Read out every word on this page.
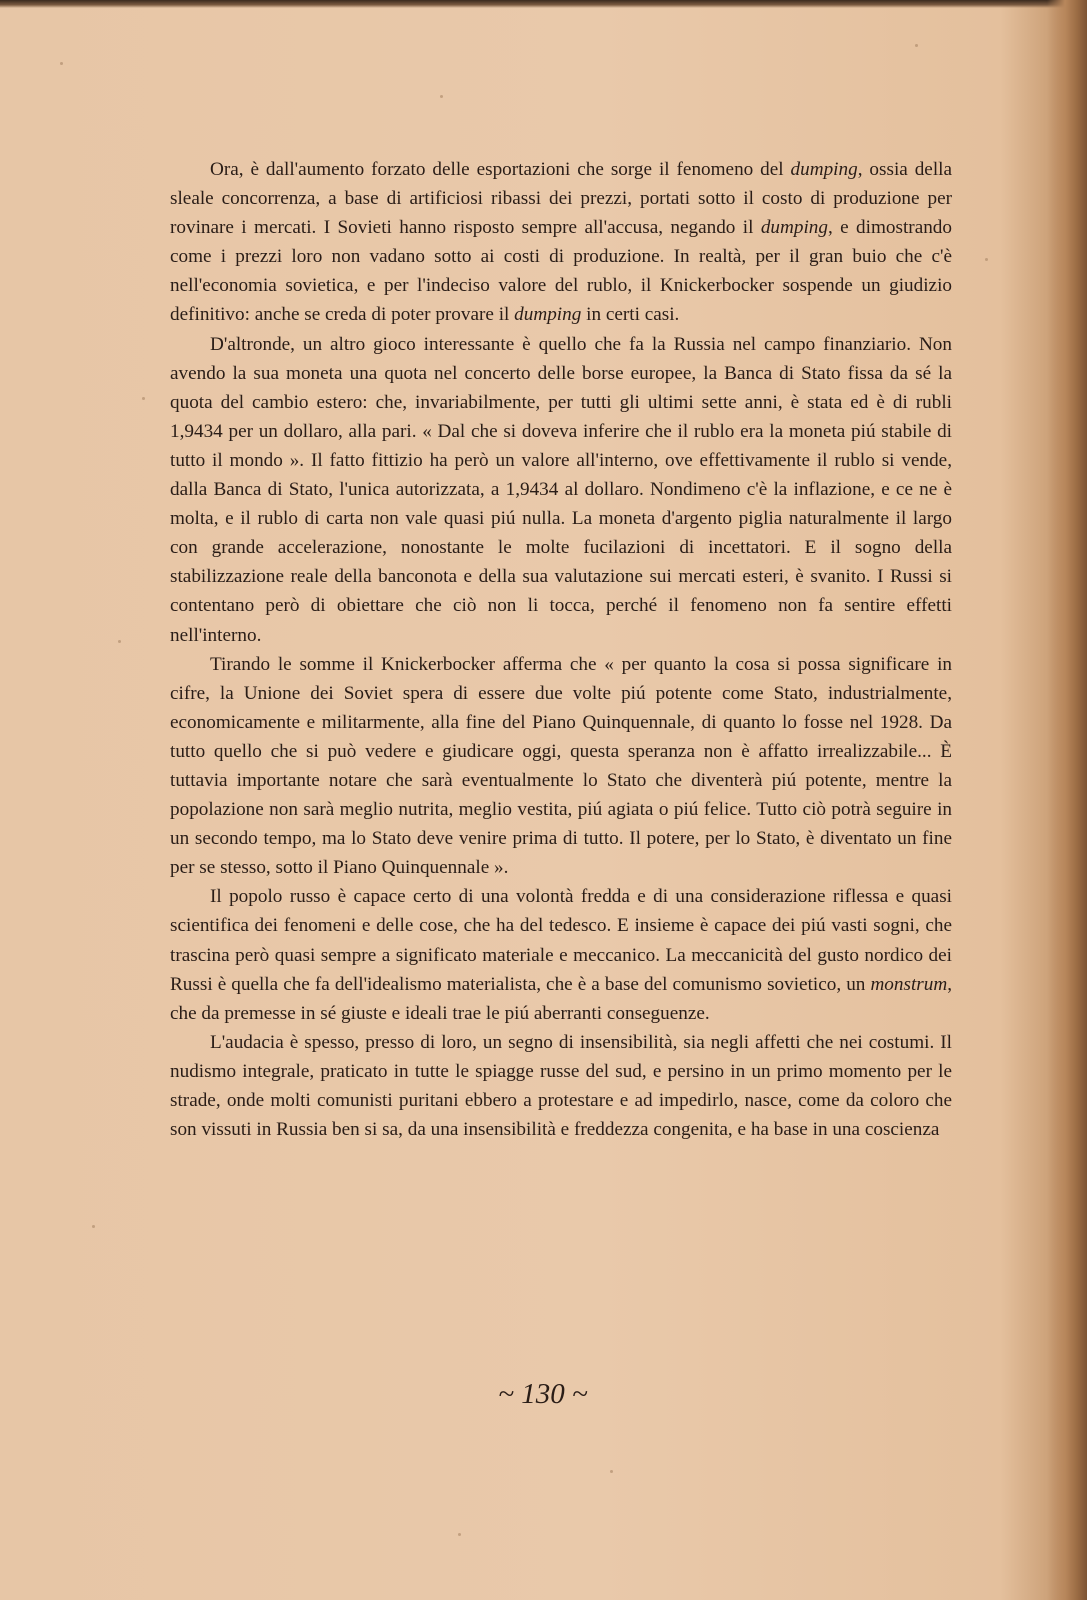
Ora, è dall'aumento forzato delle esportazioni che sorge il fenomeno del dumping, ossia della sleale concorrenza, a base di artificiosi ribassi dei prezzi, portati sotto il costo di produzione per rovinare i mercati. I Sovieti hanno risposto sempre all'accusa, negando il dumping, e dimostrando come i prezzi loro non vadano sotto ai costi di produzione. In realtà, per il gran buio che c'è nell'economia sovietica, e per l'indeciso valore del rublo, il Knickerbocker sospende un giudizio definitivo: anche se creda di poter provare il dumping in certi casi.

D'altronde, un altro gioco interessante è quello che fa la Russia nel campo finanziario. Non avendo la sua moneta una quota nel concerto delle borse europee, la Banca di Stato fissa da sé la quota del cambio estero: che, invariabilmente, per tutti gli ultimi sette anni, è stata ed è di rubli 1,9434 per un dollaro, alla pari. « Dal che si doveva inferire che il rublo era la moneta piú stabile di tutto il mondo ». Il fatto fittizio ha però un valore all'interno, ove effettivamente il rublo si vende, dalla Banca di Stato, l'unica autorizzata, a 1,9434 al dollaro. Nondimeno c'è la inflazione, e ce ne è molta, e il rublo di carta non vale quasi piú nulla. La moneta d'argento piglia naturalmente il largo con grande accelerazione, nonostante le molte fucilazioni di incettatori. E il sogno della stabilizzazione reale della banconota e della sua valutazione sui mercati esteri, è svanito. I Russi si contentano però di obiettare che ciò non li tocca, perché il fenomeno non fa sentire effetti nell'interno.

Tirando le somme il Knickerbocker afferma che « per quanto la cosa si possa significare in cifre, la Unione dei Soviet spera di essere due volte piú potente come Stato, industrialmente, economicamente e militarmente, alla fine del Piano Quinquennale, di quanto lo fosse nel 1928. Da tutto quello che si può vedere e giudicare oggi, questa speranza non è affatto irrealizzabile... È tuttavia importante notare che sarà eventualmente lo Stato che diventerà piú potente, mentre la popolazione non sarà meglio nutrita, meglio vestita, piú agiata o piú felice. Tutto ciò potrà seguire in un secondo tempo, ma lo Stato deve venire prima di tutto. Il potere, per lo Stato, è diventato un fine per se stesso, sotto il Piano Quinquennale ».

Il popolo russo è capace certo di una volontà fredda e di una considerazione riflessa e quasi scientifica dei fenomeni e delle cose, che ha del tedesco. E insieme è capace dei piú vasti sogni, che trascina però quasi sempre a significato materiale e meccanico. La meccanicità del gusto nordico dei Russi è quella che fa dell'idealismo materialista, che è a base del comunismo sovietico, un monstrum, che da premesse in sé giuste e ideali trae le piú aberranti conseguenze.

L'audacia è spesso, presso di loro, un segno di insensibilità, sia negli affetti che nei costumi. Il nudismo integrale, praticato in tutte le spiagge russe del sud, e persino in un primo momento per le strade, onde molti comunisti puritani ebbero a protestare e ad impedirlo, nasce, come da coloro che son vissuti in Russia ben si sa, da una insensibilità e freddezza congenita, e ha base in una coscienza

~ 130 ~
